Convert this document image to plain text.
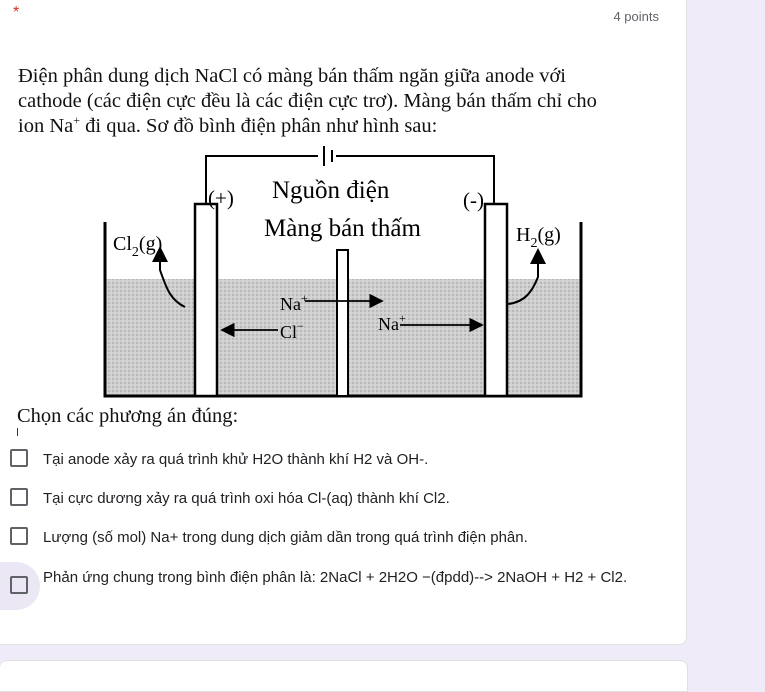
*	4 points
Điện phân dung dịch NaCl có màng bán thấm ngăn giữa anode với
cathode (các điện cực đều là các điện cực trơ). Màng bán thấm chỉ cho
ion Na+ đi qua. Sơ đồ bình điện phân như hình sau:
(+)	(-)
Nguồn điện
Màng bán thấm
$Cl_2(g)$	$H_2(g)$
Na+
Cl−	Na+
Chọn các phương án đúng:
Tại anode xảy ra quá trình khử H2O thành khí H2 và OH-.
Tại cực dương xảy ra quá trình oxi hóa Cl-(aq) thành khí Cl2.
Lượng (số mol) Na+ trong dung dịch giảm dần trong quá trình điện phân.
Phản ứng chung trong bình điện phân là: 2NaCl + 2H2O −(đpdd)--> 2NaOH + H2 + Cl2.
